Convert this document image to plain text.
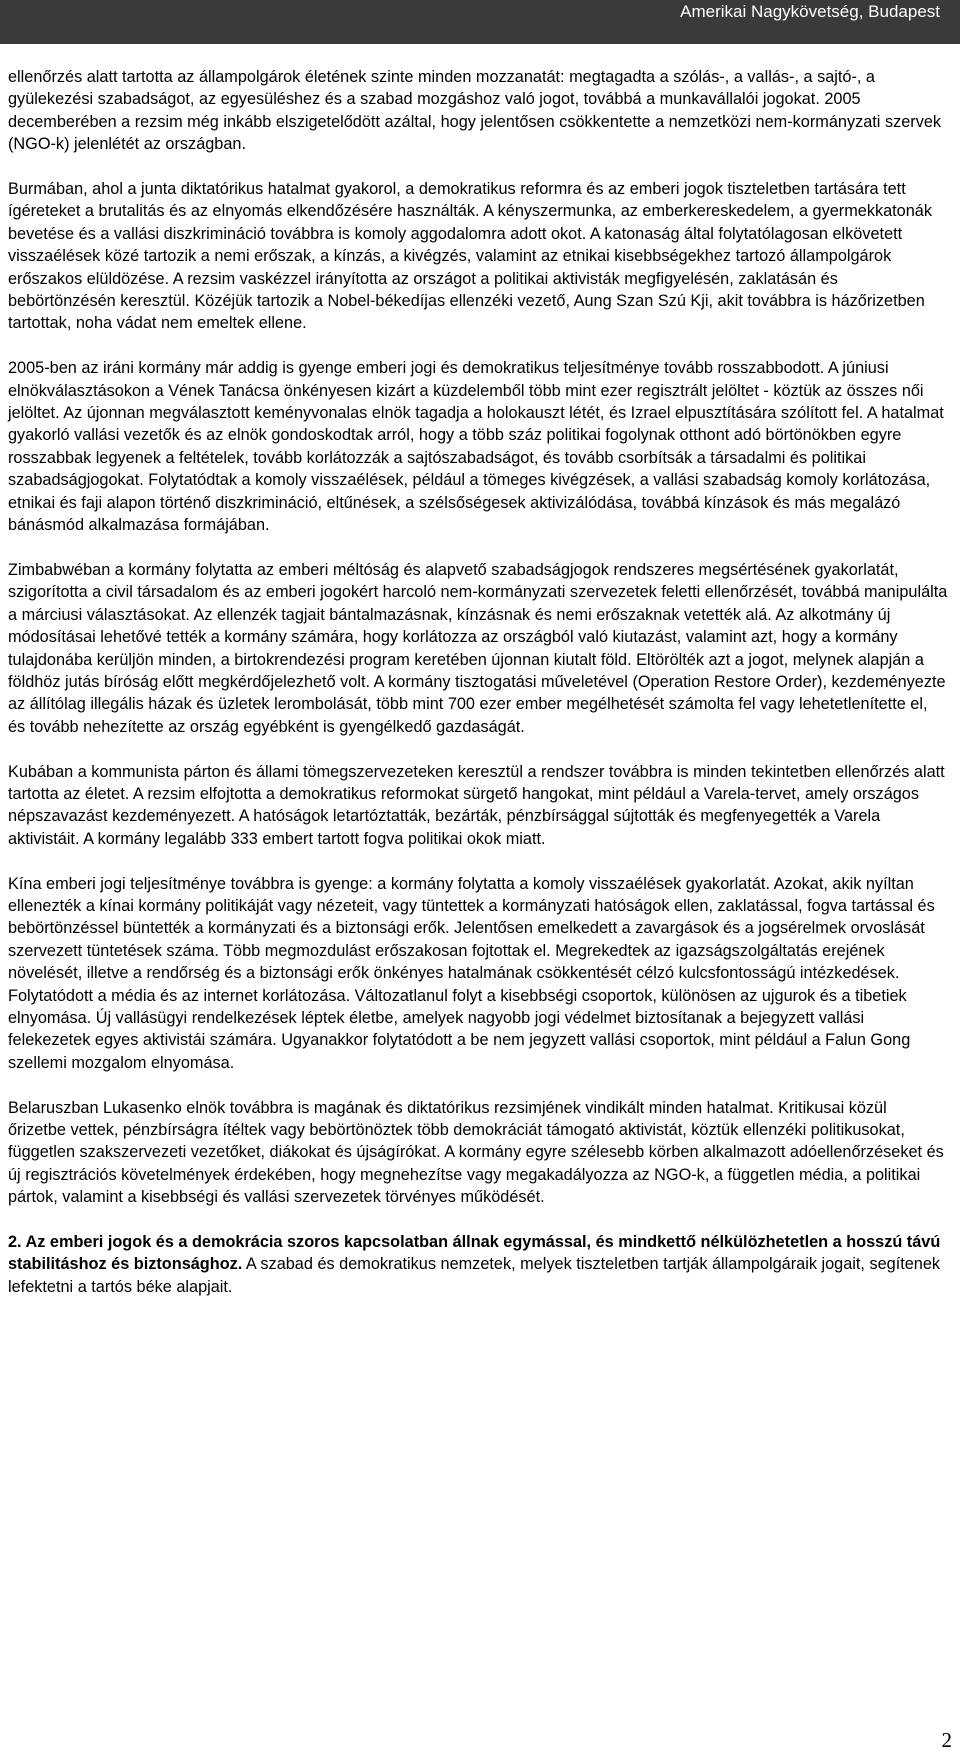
Amerikai Nagykövetség, Budapest

ellenőrzés alatt tartotta az állampolgárok életének szinte minden mozzanatát: megtagadta a szólás-, a vallás-, a sajtó-, a gyülekezési szabadságot, az egyesüléshez és a szabad mozgáshoz való jogot, továbbá a munkavállalói jogokat. 2005 decemberében a rezsim még inkább elszigetelődött azáltal, hogy jelentősen csökkentette a nemzetközi nem-kormányzati szervek (NGO-k) jelenlétét az országban.

Burmában, ahol a junta diktatórikus hatalmat gyakorol, a demokratikus reformra és az emberi jogok tiszteletben tartására tett ígéreteket a brutalitás és az elnyomás elkendőzésére használták. A kényszermunka, az emberkereskedelem, a gyermekkatonák bevetése és a vallási diszkrimináció továbbra is komoly aggodalomra adott okot. A katonaság által folytatólagosan elkövetett visszaélések közé tartozik a nemi erőszak, a kínzás, a kivégzés, valamint az etnikai kisebbségekhez tartozó állampolgárok erőszakos elüldözése. A rezsim vaskézzel irányította az országot a politikai aktivisták megfigyelésén, zaklatásán és bebörtönzésén keresztül. Közéjük tartozik a Nobel-békedíjas ellenzéki vezető, Aung Szan Szú Kji, akit továbbra is házőrizetben tartottak, noha vádat nem emeltek ellene.

2005-ben az iráni kormány már addig is gyenge emberi jogi és demokratikus teljesítménye tovább rosszabbodott. A júniusi elnökválasztásokon a Vének Tanácsa önkényesen kizárt a küzdelemből több mint ezer regisztrált jelöltet - köztük az összes női jelöltet. Az újonnan megválasztott keményvonalas elnök tagadja a holokauszt létét, és Izrael elpusztítására szólított fel. A hatalmat gyakorló vallási vezetők és az elnök gondoskodtak arról, hogy a több száz politikai fogolynak otthont adó börtönökben egyre rosszabbak legyenek a feltételek, tovább korlátozzák a sajtószabadságot, és tovább csorbítsák a társadalmi és politikai szabadságjogokat. Folytatódtak a komoly visszaélések, például a tömeges kivégzések, a vallási szabadság komoly korlátozása, etnikai és faji alapon történő diszkrimináció, eltűnések, a szélsőségesek aktivizálódása, továbbá kínzások és más megalázó bánásmód alkalmazása formájában.

Zimbabwéban a kormány folytatta az emberi méltóság és alapvető szabadságjogok rendszeres megsértésének gyakorlatát, szigorította a civil társadalom és az emberi jogokért harcoló nem-kormányzati szervezetek feletti ellenőrzését, továbbá manipulálta a márciusi választásokat. Az ellenzék tagjait bántalmazásnak, kínzásnak és nemi erőszaknak vetették alá. Az alkotmány új módosításai lehetővé tették a kormány számára, hogy korlátozza az országból való kiutazást, valamint azt, hogy a kormány tulajdonába kerüljön minden, a birtokrendezési program keretében újonnan kiutalt föld. Eltörölték azt a jogot, melynek alapján a földhöz jutás bíróság előtt megkérdőjelezhető volt. A kormány tisztogatási műveletével (Operation Restore Order), kezdeményezte az állítólag illegális házak és üzletek lerombolását, több mint 700 ezer ember megélhetését számolta fel vagy lehetetlenítette el, és tovább nehezítette az ország egyébként is gyengélkedő gazdaságát.

Kubában a kommunista párton és állami tömegszervezeteken keresztül a rendszer továbbra is minden tekintetben ellenőrzés alatt tartotta az életet. A rezsim elfojtotta a demokratikus reformokat sürgető hangokat, mint például a Varela-tervet, amely országos népszavazást kezdeményezett. A hatóságok letartóztatták, bezárták, pénzbírsággal sújtották és megfenyegették a Varela aktivistáit. A kormány legalább 333 embert tartott fogva politikai okok miatt.

Kína emberi jogi teljesítménye továbbra is gyenge: a kormány folytatta a komoly visszaélések gyakorlatát. Azokat, akik nyíltan ellenezték a kínai kormány politikáját vagy nézeteit, vagy tüntettek a kormányzati hatóságok ellen, zaklatással, fogva tartással és bebörtönzéssel büntették a kormányzati és a biztonsági erők. Jelentősen emelkedett a zavargások és a jogsérelmek orvoslását szervezett tüntetések száma. Több megmozdulást erőszakosan fojtottak el. Megrekedtek az igazságszolgáltatás erejének növelését, illetve a rendőrség és a biztonsági erők önkényes hatalmának csökkentését célzó kulcsfontosságú intézkedések. Folytatódott a média és az internet korlátozása. Változatlanul folyt a kisebbségi csoportok, különösen az ujgurok és a tibetiek elnyomása. Új vallásügyi rendelkezések léptek életbe, amelyek nagyobb jogi védelmet biztosítanak a bejegyzett vallási felekezetek egyes aktivistái számára. Ugyanakkor folytatódott a be nem jegyzett vallási csoportok, mint például a Falun Gong szellemi mozgalom elnyomása.

Belaruszban Lukasenko elnök továbbra is magának és diktatórikus rezsimjének vindikált minden hatalmat. Kritikusai közül őrizetbe vettek, pénzbírságra ítéltek vagy bebörtönöztek több demokráciát támogató aktivistát, köztük ellenzéki politikusokat, független szakszervezeti vezetőket, diákokat és újságírókat. A kormány egyre szélesebb körben alkalmazott adóellenőrzéseket és új regisztrációs követelmények érdekében, hogy megnehezítse vagy megakadályozza az NGO-k, a független média, a politikai pártok, valamint a kisebbségi és vallási szervezetek törvényes működését.

2. Az emberi jogok és a demokrácia szoros kapcsolatban állnak egymással, és mindkettő nélkülözhetetlen a hosszú távú stabilitáshoz és biztonsághoz. A szabad és demokratikus nemzetek, melyek tiszteletben tartják állampolgáraik jogait, segítenek lefektetni a tartós béke alapjait.

2
